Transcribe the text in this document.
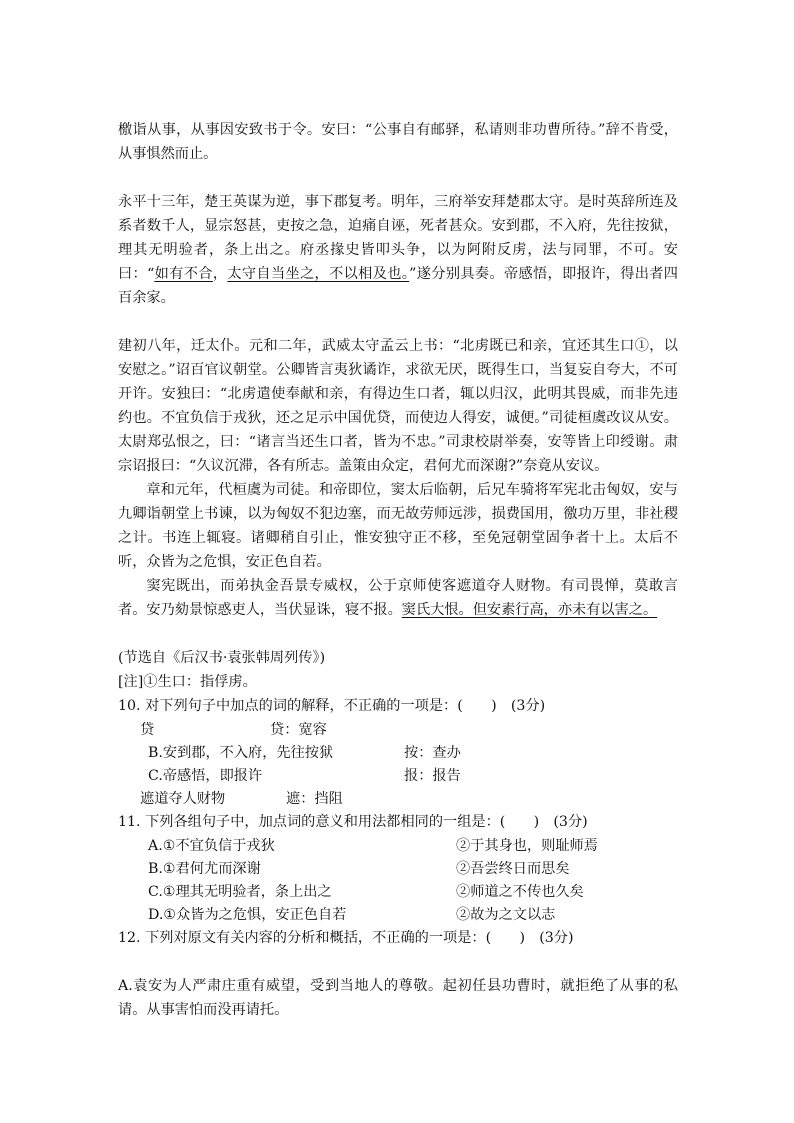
檄诣从事，从事因安致书于令。安曰：“公事自有邮驿，私请则非功曹所待。”辞不肯受，从事惧然而止。

永平十三年，楚王英谋为逆，事下郡复考。明年，三府举安拜楚郡太守。是时英辞所连及系者数千人，显宗怒甚，吏按之急，迫痛自诬，死者甚众。安到郡，不入府，先往按狱，理其无明验者，条上出之。府丞掾史皆叩头争，以为阿附反虏，法与同罪，不可。安曰：“如有不合，太守自当坐之，不以相及也。”遂分别具奏。帝感悟，即报许，得出者四百余家。

建初八年，迁太仆。元和二年，武威太守孟云上书：“北虏既已和亲，宜还其生口①，以安慰之。”诏百官议朝堂。公卿皆言夷狄谲诈，求欲无厌，既得生口，当复妄自夸大，不可开许。安独曰：“北虏遣使奉献和亲，有得边生口者，辄以归汉，此明其畏威，而非先违约也。不宜负信于戎狄，还之足示中国优贷，而使边人得安，诚便。”司徒桓虞改议从安。太尉郑弘恨之，曰：“诸言当还生口者，皆为不忠。”司隶校尉举奏，安等皆上印绶谢。肃宗诏报曰：“久议沉滞，各有所志。盖策由众定，君何尤而深谢?”奈竟从安议。

章和元年，代桓虞为司徒。和帝即位，窦太后临朝，后兄车骑将军宪北击匈奴，安与九卿诣朝堂上书谏，以为匈奴不犯边塞，而无故劳师远涉，损费国用，徼功万里，非社稷之计。书连上辄寝。诸卿稍自引止，惟安独守正不移，至免冠朝堂固争者十上。太后不听，众皆为之危惧，安正色自若。

窦宪既出，而弟执金吾景专威权，公于京师使客遮道夺人财物。有司畏惮，莫敢言者。安乃劾景惊惑吏人，当伏显诛，寝不报。窦氏大恨。但安素行高，亦未有以害之。

(节选自《后汉书·袁张韩周列传》)

[注]①生口：指俘虏。

10. 对下列句子中加点的词的解释，不正确的一项是：(　　)　(3分)

贷	贷：宽容
B.安到郡，不入府，先往按狱	按：查办
C.帝感悟，即报许	报：报告
遮道夺人财物	遮：挡阻

11. 下列各组句子中，加点词的意义和用法都相同的一组是：(　　)　(3分)

A.①不宜负信于戎狄	②于其身也，则耻师焉
B.①君何尤而深谢	②吾尝终日而思矣
C.①理其无明验者，条上出之	②师道之不传也久矣
D.①众皆为之危惧，安正色自若	②故为之文以志

12. 下列对原文有关内容的分析和概括，不正确的一项是：(　　)　(3分)

A.袁安为人严肃庄重有威望，受到当地人的尊敬。起初任县功曹时，就拒绝了从事的私请。从事害怕而没再请托。
